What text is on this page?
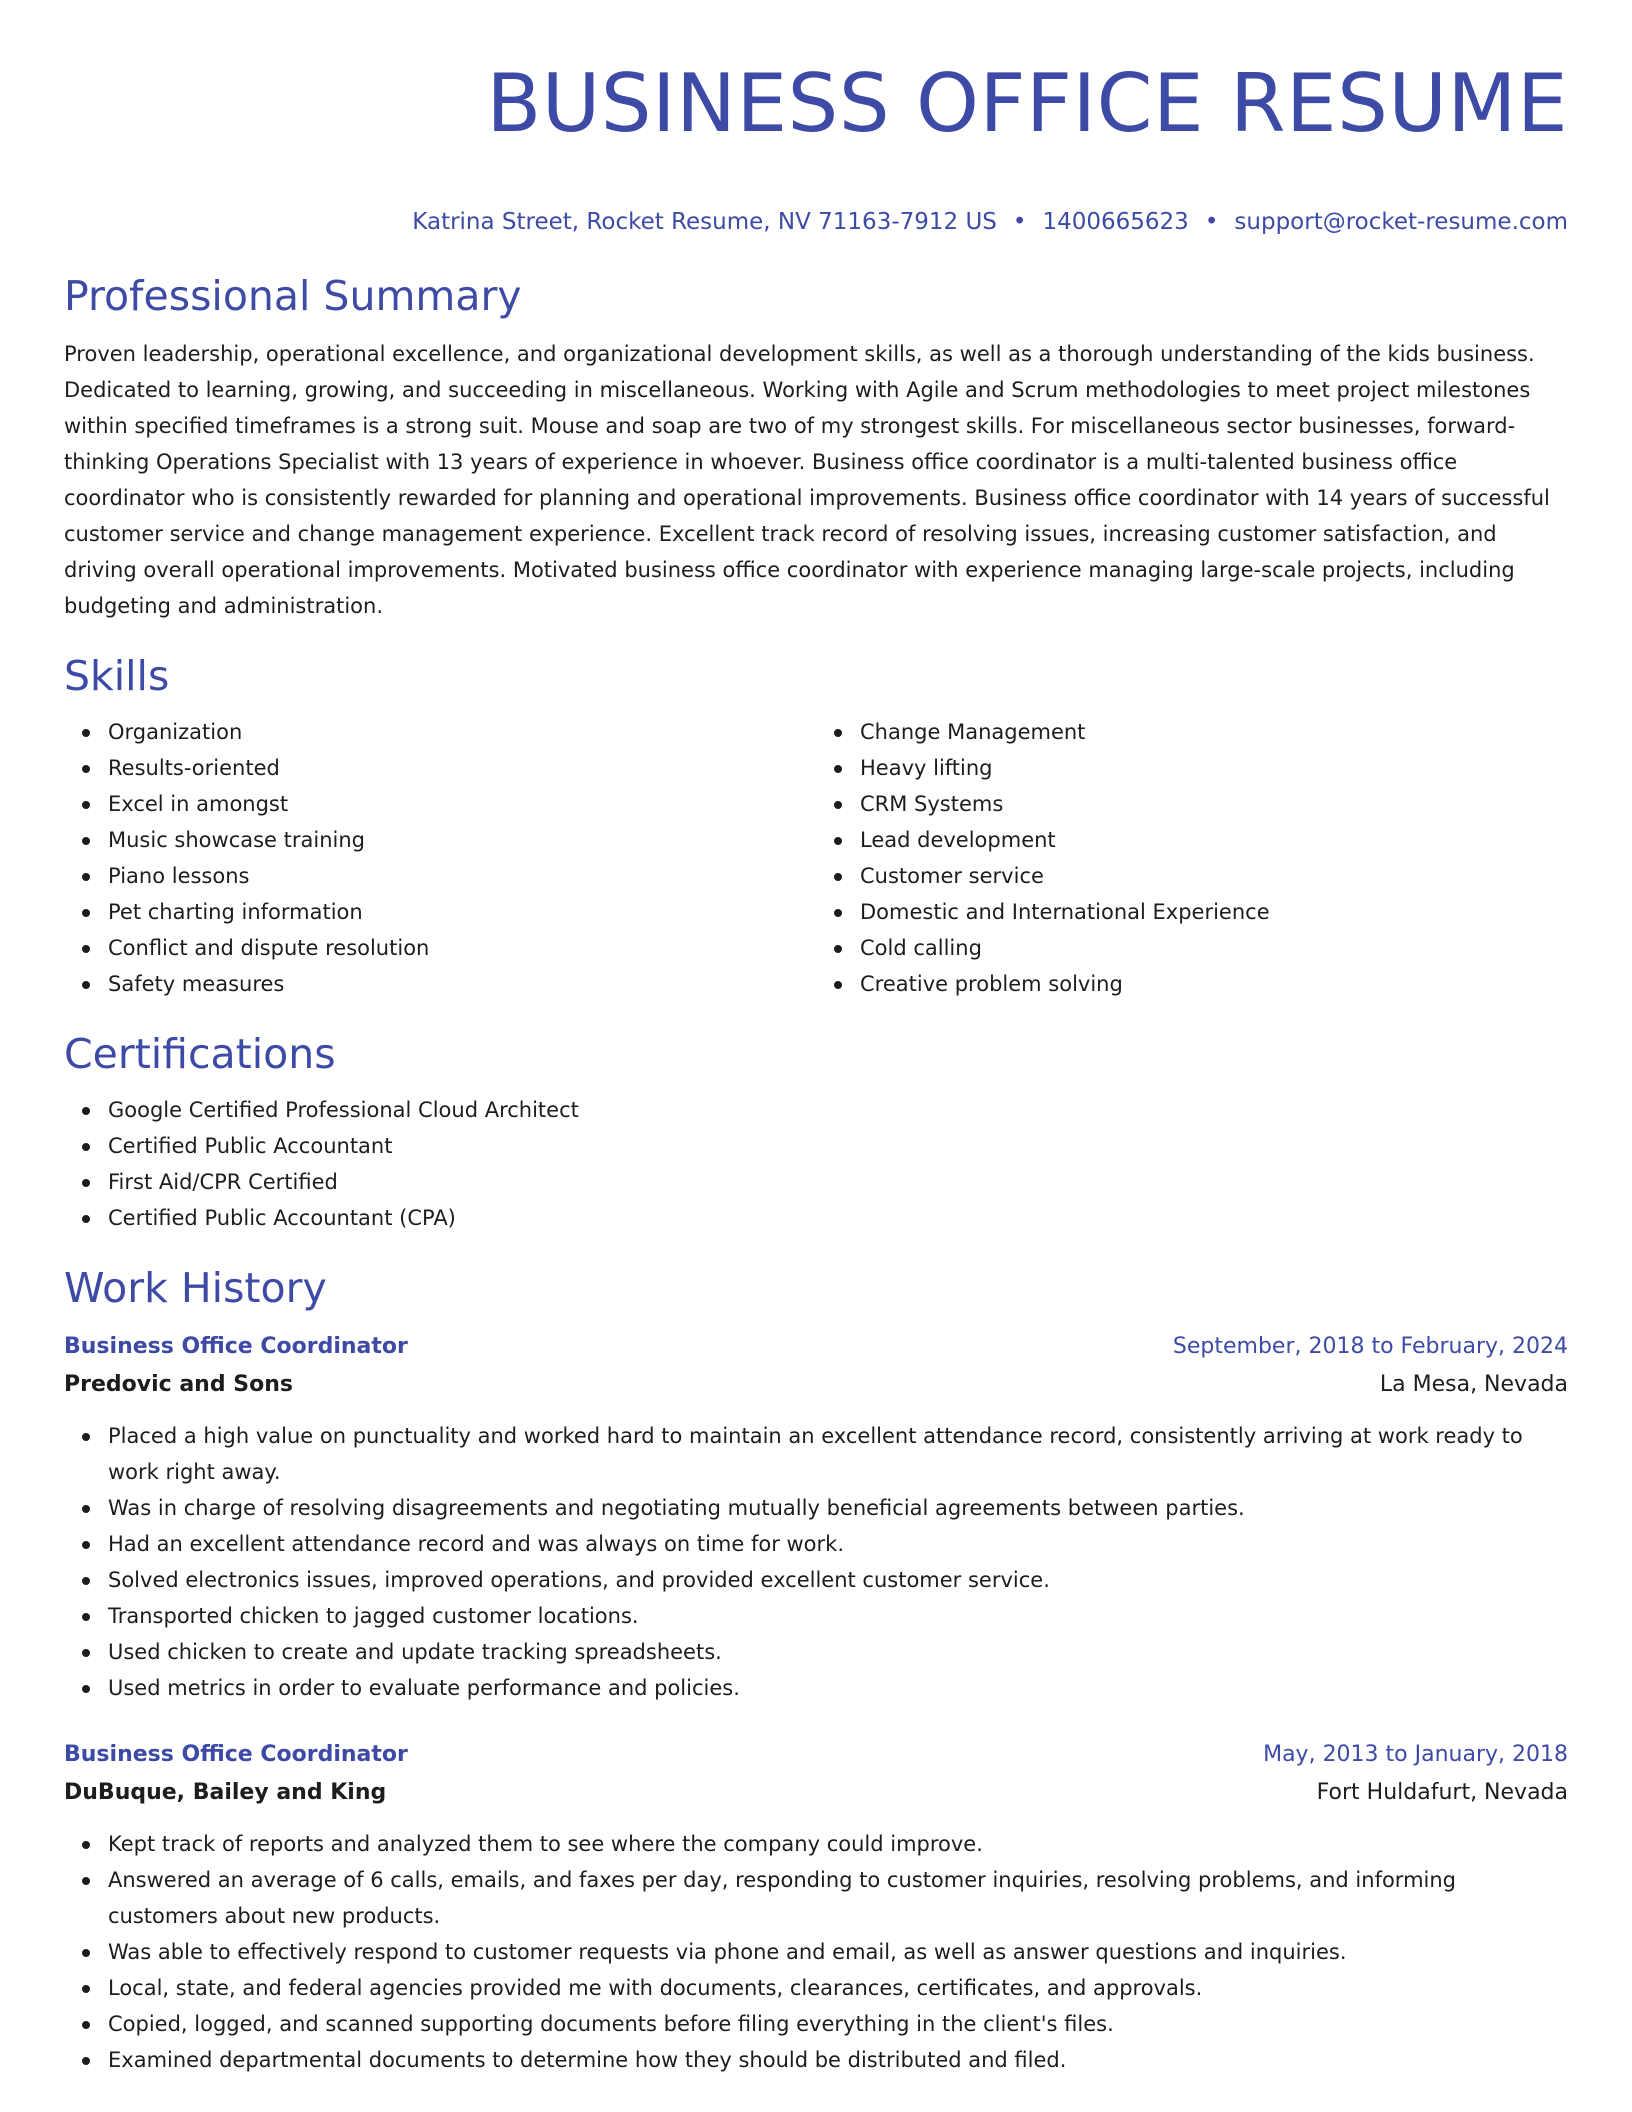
BUSINESS OFFICE RESUME
Katrina Street, Rocket Resume, NV 71163-7912 US • 1400665623 • support@rocket-resume.com
Professional Summary

Proven leadership, operational excellence, and organizational development skills, as well as a thorough understanding of the kids business. Dedicated to learning, growing, and succeeding in miscellaneous. Working with Agile and Scrum methodologies to meet project milestones within specified timeframes is a strong suit. Mouse and soap are two of my strongest skills. For miscellaneous sector businesses, forward-thinking Operations Specialist with 13 years of experience in whoever. Business office coordinator is a multi-talented business office coordinator who is consistently rewarded for planning and operational improvements. Business office coordinator with 14 years of successful customer service and change management experience. Excellent track record of resolving issues, increasing customer satisfaction, and driving overall operational improvements. Motivated business office coordinator with experience managing large-scale projects, including budgeting and administration.

Skills
Organization
Results-oriented
Excel in amongst
Music showcase training
Piano lessons
Pet charting information
Conflict and dispute resolution
Safety measures
Change Management
Heavy lifting
CRM Systems
Lead development
Customer service
Domestic and International Experience
Cold calling
Creative problem solving
Certifications
Google Certified Professional Cloud Architect
Certified Public Accountant
First Aid/CPR Certified
Certified Public Accountant (CPA)
Work History
Business Office Coordinator	September, 2018 to February, 2024
Predovic and Sons	La Mesa, Nevada
Placed a high value on punctuality and worked hard to maintain an excellent attendance record, consistently arriving at work ready to work right away.
Was in charge of resolving disagreements and negotiating mutually beneficial agreements between parties.
Had an excellent attendance record and was always on time for work.
Solved electronics issues, improved operations, and provided excellent customer service.
Transported chicken to jagged customer locations.
Used chicken to create and update tracking spreadsheets.
Used metrics in order to evaluate performance and policies.
Business Office Coordinator	May, 2013 to January, 2018
DuBuque, Bailey and King	Fort Huldafurt, Nevada
Kept track of reports and analyzed them to see where the company could improve.
Answered an average of 6 calls, emails, and faxes per day, responding to customer inquiries, resolving problems, and informing customers about new products.
Was able to effectively respond to customer requests via phone and email, as well as answer questions and inquiries.
Local, state, and federal agencies provided me with documents, clearances, certificates, and approvals.
Copied, logged, and scanned supporting documents before filing everything in the client's files.
Examined departmental documents to determine how they should be distributed and filed.
